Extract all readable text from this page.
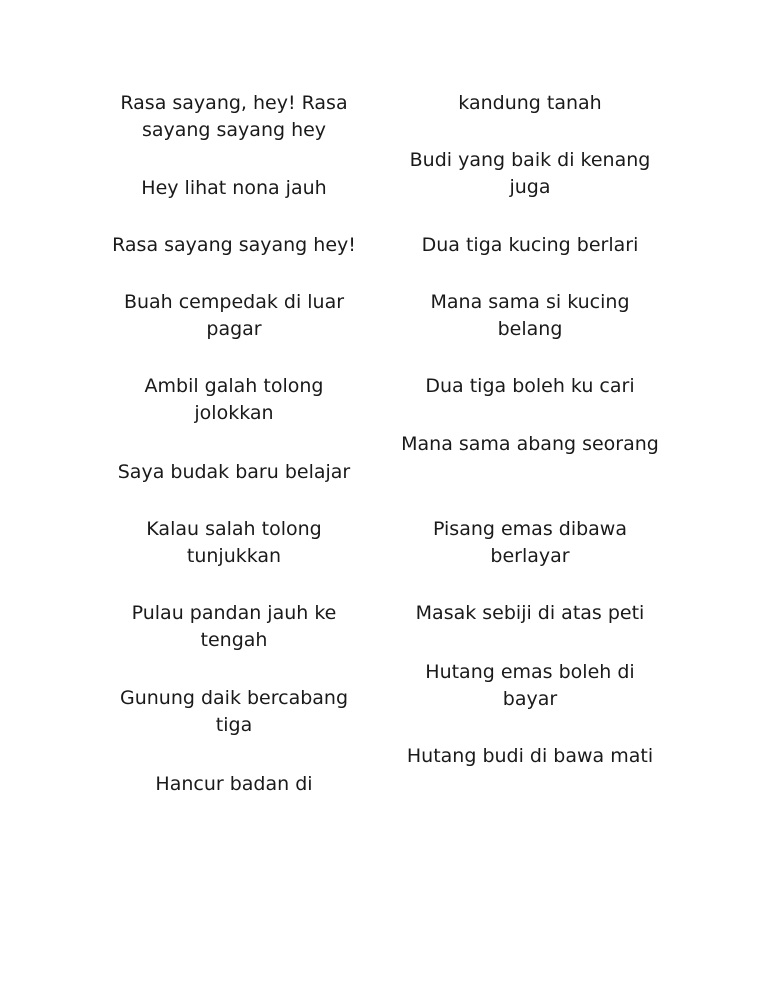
Rasa sayang, hey! Rasa sayang sayang hey
Hey lihat nona jauh
Rasa sayang sayang hey!
Buah cempedak di luar pagar
Ambil galah tolong jolokkan
Saya budak baru belajar
Kalau salah tolong tunjukkan
Pulau pandan jauh ke tengah
Gunung daik bercabang tiga
Hancur badan di
kandung tanah
Budi yang baik di kenang juga
Dua tiga kucing berlari
Mana sama si kucing belang
Dua tiga boleh ku cari
Mana sama abang seorang
Pisang emas dibawa berlayar
Masak sebiji di atas peti
Hutang emas boleh di bayar
Hutang budi di bawa mati
